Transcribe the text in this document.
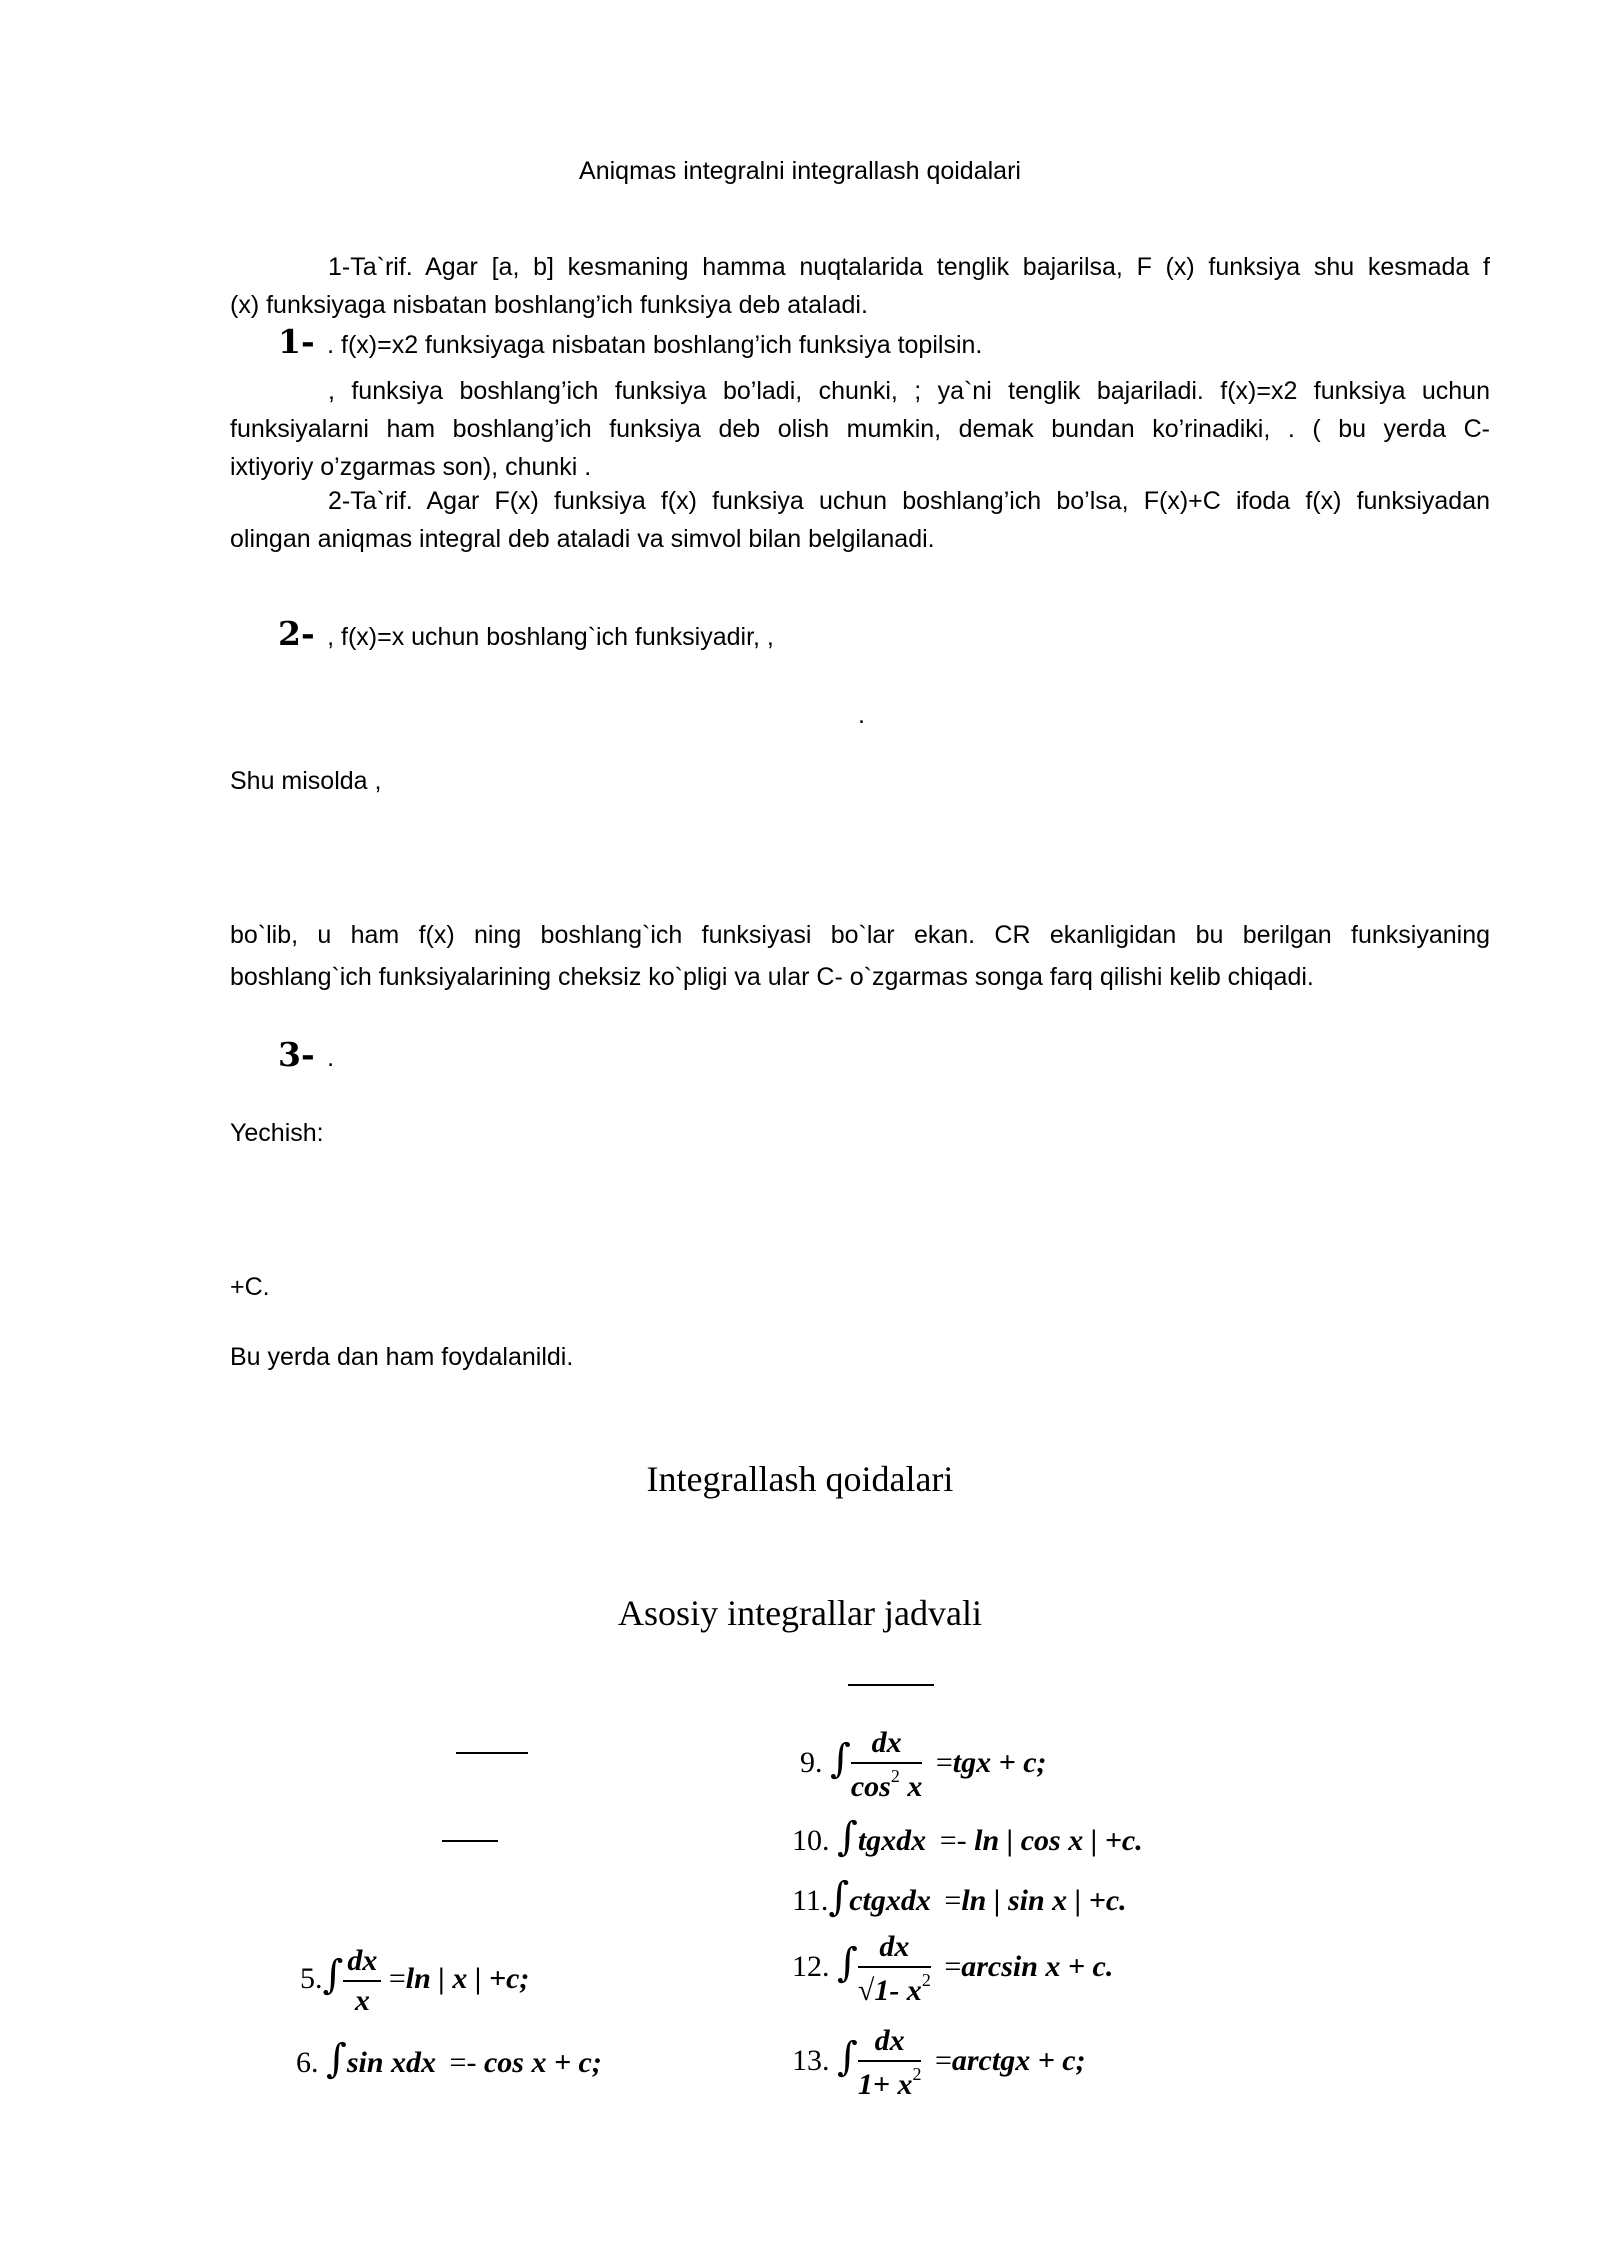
Aniqmas integralni integrallash qoidalari
1-Ta`rif. Agar [a, b] kesmaning hamma nuqtalarida tenglik bajarilsa, F (x) funksiya shu kesmada f
(x) funksiyaga nisbatan boshlang’ich funksiya deb ataladi.
1- . f(x)=x2 funksiyaga nisbatan boshlang’ich funksiya topilsin.
, funksiya boshlang’ich funksiya bo’ladi, chunki, ; ya`ni tenglik bajariladi. f(x)=x2 funksiya uchun
funksiyalarni ham boshlang’ich funksiya deb olish mumkin, demak bundan ko’rinadiki, . ( bu yerda C-
ixtiyoriy o’zgarmas son), chunki .
2-Ta`rif. Agar F(x) funksiya f(x) funksiya uchun boshlang’ich bo’lsa, F(x)+C ifoda f(x) funksiyadan
olingan aniqmas integral deb ataladi va simvol bilan belgilanadi.
2- , f(x)=x uchun boshlang`ich funksiyadir, ,
.
Shu misolda ,
bo`lib, u ham f(x) ning boshlang`ich funksiyasi bo`lar ekan. CR ekanligidan bu berilgan funksiyaning
boshlang`ich funksiyalarining cheksiz ko`pligi va ular C- o`zgarmas songa farq qilishi kelib chiqadi.
3- .
Yechish:
+C.
Bu yerda dan ham foydalanildi.
Integrallash qoidalari
Asosiy integrallar jadvali
9. ∫ $\frac{dx}{\cos^2 x} =tgx + c$;
10. ∫tgxdx =- ln | cos x | +c.
11.∫ctgxdx =ln | sin x | +c.
$5.\int \frac{dx}{x} =\ln$ | x | +c;	12. ∫ $\frac{dx}{√1- x^2} =\arcsin$ x + c.
6. ∫sin xdx =- cos x + c;	13. ∫ $\frac{dx}{1+ x^2}$ =arctgx + c;
